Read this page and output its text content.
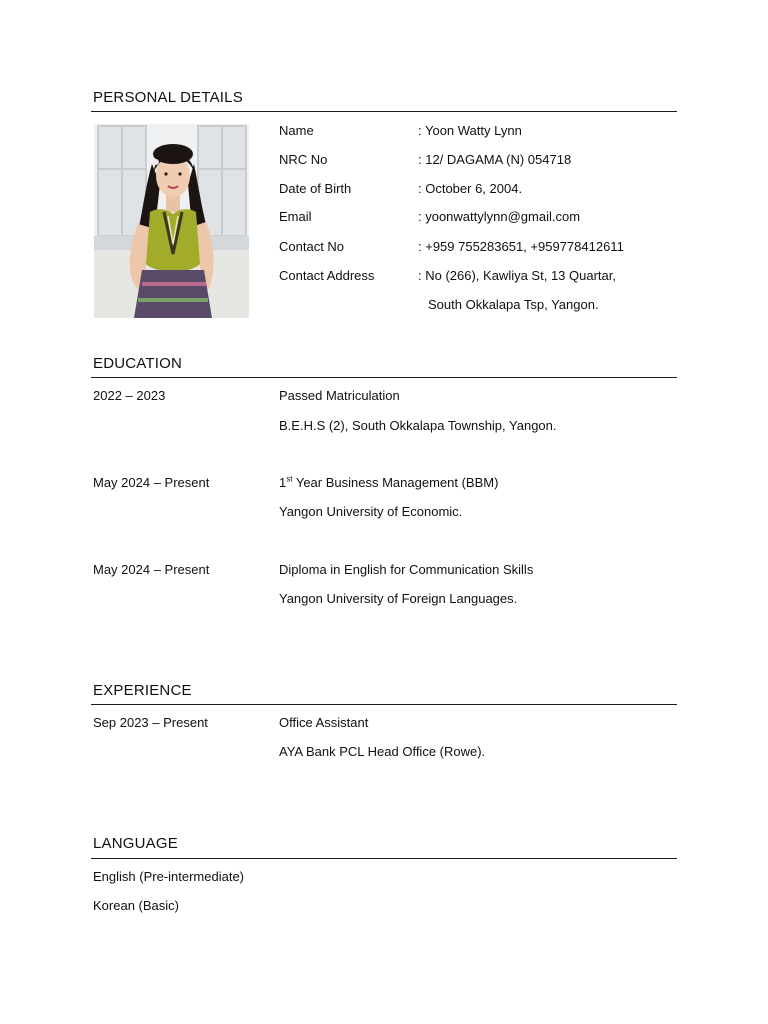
PERSONAL DETAILS
Name	: Yoon Watty Lynn
NRC No	: 12/ DAGAMA (N) 054718
Date of Birth	: October 6, 2004.
Email	: yoonwattylynn@gmail.com
Contact No	: +959 755283651, +959778412611
Contact Address	: No (266), Kawliya St, 13 Quartar,
South Okkalapa Tsp, Yangon.
EDUCATION
2022 – 2023	Passed Matriculation
B.E.H.S (2), South Okkalapa Township, Yangon.
May 2024 – Present	1st Year Business Management (BBM)
Yangon University of Economic.
May 2024 – Present	Diploma in English for Communication Skills
Yangon University of Foreign Languages.
EXPERIENCE
Sep 2023 – Present	Office Assistant
AYA Bank PCL Head Office (Rowe).
LANGUAGE
English (Pre-intermediate)
Korean (Basic)
